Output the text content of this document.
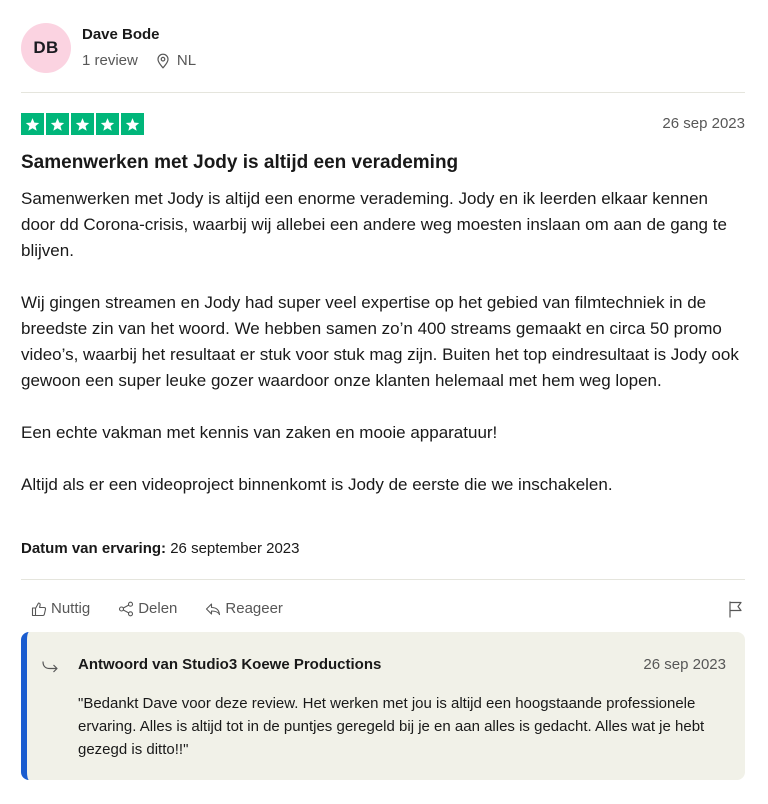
DB
Dave Bode
1 review	NL
26 sep 2023
Samenwerken met Jody is altijd een verademing

Samenwerken met Jody is altijd een enorme verademing. Jody en ik leerden elkaar kennen door dd Corona-crisis, waarbij wij allebei een andere weg moesten inslaan om aan de gang te blijven.

Wij gingen streamen en Jody had super veel expertise op het gebied van filmtechniek in de breedste zin van het woord. We hebben samen zo’n 400 streams gemaakt en circa 50 promo video’s, waarbij het resultaat er stuk voor stuk mag zijn. Buiten het top eindresultaat is Jody ook gewoon een super leuke gozer waardoor onze klanten helemaal met hem weg lopen.

Een echte vakman met kennis van zaken en mooie apparatuur!

Altijd als er een videoproject binnenkomt is Jody de eerste die we inschakelen.

Datum van ervaring: 26 september 2023
Nuttig	Delen	Reageer
Antwoord van Studio3 Koewe Productions	26 sep 2023

"Bedankt Dave voor deze review. Het werken met jou is altijd een hoogstaande professionele ervaring. Alles is altijd tot in de puntjes geregeld bij je en aan alles is gedacht. Alles wat je hebt gezegd is ditto!!"
